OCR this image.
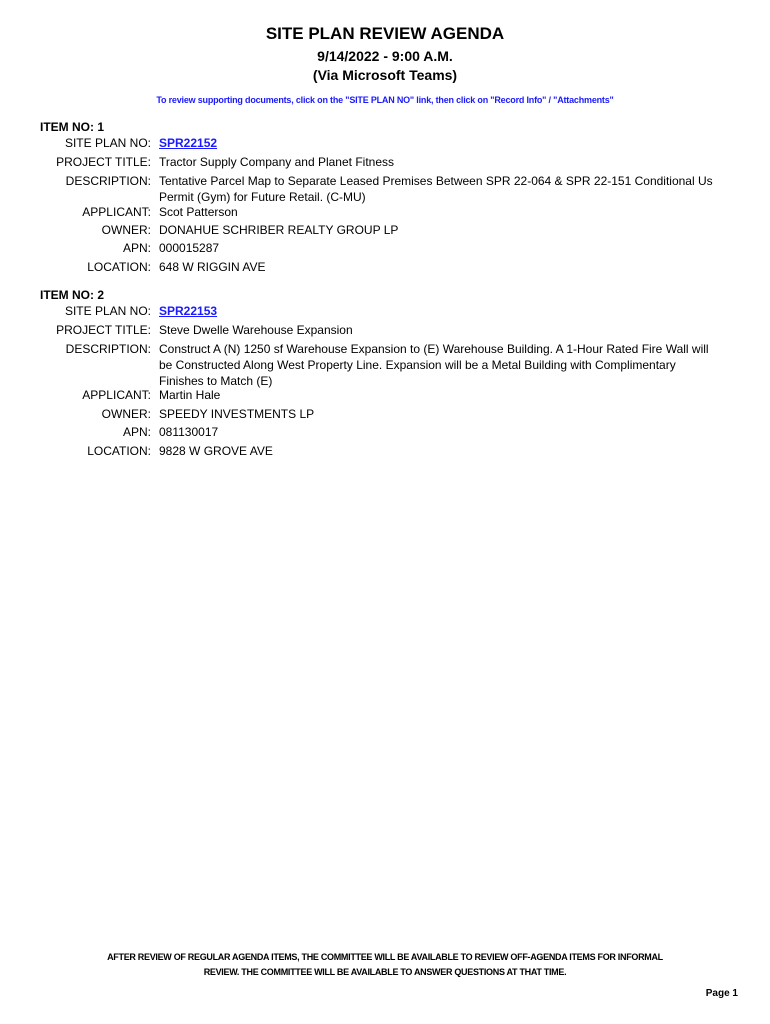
SITE PLAN REVIEW AGENDA
9/14/2022 - 9:00 A.M.
(Via Microsoft Teams)
To review supporting documents, click on the "SITE PLAN NO" link, then click on "Record Info" / "Attachments"
ITEM NO: 1
SITE PLAN NO: SPR22152
PROJECT TITLE: Tractor Supply Company and Planet Fitness
DESCRIPTION: Tentative Parcel Map to Separate Leased Premises Between SPR 22-064 & SPR 22-151 Conditional Us
Permit (Gym) for Future Retail. (C-MU)
APPLICANT: Scot Patterson
OWNER: DONAHUE SCHRIBER REALTY GROUP LP
APN: 000015287
LOCATION: 648 W RIGGIN AVE
ITEM NO: 2
SITE PLAN NO: SPR22153
PROJECT TITLE: Steve Dwelle Warehouse Expansion
DESCRIPTION: Construct A (N) 1250 sf Warehouse Expansion to (E) Warehouse Building. A 1-Hour Rated Fire Wall will
be Constructed Along West Property Line. Expansion will be a Metal Building with Complimentary
Finishes to Match (E)
APPLICANT: Martin Hale
OWNER: SPEEDY INVESTMENTS LP
APN: 081130017
LOCATION: 9828 W GROVE AVE
AFTER REVIEW OF REGULAR AGENDA ITEMS, THE COMMITTEE WILL BE AVAILABLE TO REVIEW OFF-AGENDA ITEMS FOR INFORMAL
REVIEW. THE COMMITTEE WILL BE AVAILABLE TO ANSWER QUESTIONS AT THAT TIME.
Page 1
